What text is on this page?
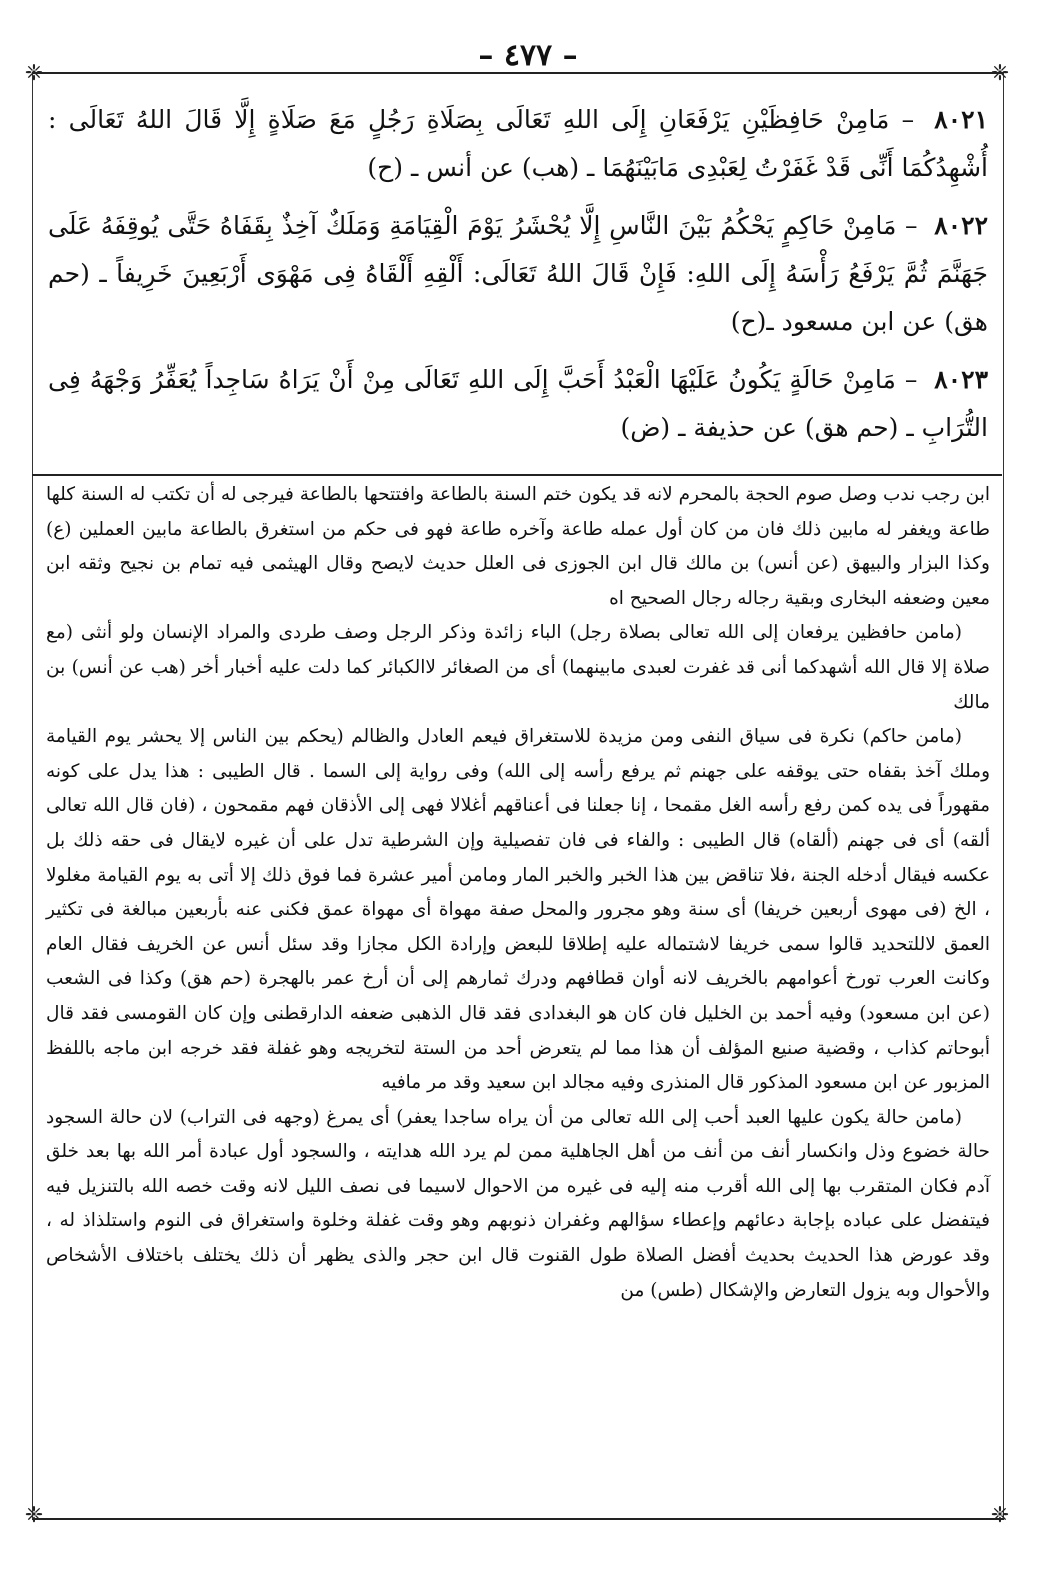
– ٤٧٧ –
❈	❈
❈	❈

٨٠٢١ – مَامِنْ حَافِظَيْنِ يَرْفَعَانِ إِلَى اللهِ تَعَالَى بِصَلَاةِ رَجُلٍ مَعَ صَلَاةٍ إِلَّا قَالَ اللهُ تَعَالَى : أُشْهِدُكُمَا أَنِّى قَدْ غَفَرْتُ لِعَبْدِى مَابَيْنَهُمَا ـ (هب) عن أنس ـ (ح)

٨٠٢٢ – مَامِنْ حَاكِمٍ يَحْكُمُ بَيْنَ النَّاسِ إِلَّا يُحْشَرُ يَوْمَ الْقِيَامَةِ وَمَلَكٌ آخِذٌ بِقَفَاهُ حَتَّى يُوقِفَهُ عَلَى جَهَنَّمَ ثُمَّ يَرْفَعُ رَأْسَهُ إِلَى اللهِ: فَإِنْ قَالَ اللهُ تَعَالَى: أَلْقِهِ أَلْقَاهُ فِى مَهْوَى أَرْبَعِينَ خَرِيفاً ـ (حم هق) عن ابن مسعود ـ(ح)

٨٠٢٣ – مَامِنْ حَالَةٍ يَكُونُ عَلَيْهَا الْعَبْدُ أَحَبَّ إِلَى اللهِ تَعَالَى مِنْ أَنْ يَرَاهُ سَاجِداً يُعَفِّرُ وَجْهَهُ فِى التُّرَابِ ـ (حم هق) عن حذيفة ـ (ض)

ابن رجب ندب وصل صوم الحجة بالمحرم لانه قد يكون ختم السنة بالطاعة وافتتحها بالطاعة فيرجى له أن تكتب له السنة كلها طاعة ويغفر له مابين ذلك فان من كان أول عمله طاعة وآخره طاعة فهو فى حكم من استغرق بالطاعة مابين العملين (ع) وكذا البزار والبيهق (عن أنس) بن مالك قال ابن الجوزى فى العلل حديث لايصح وقال الهيثمى فيه تمام بن نجيح وثقه ابن معين وضعفه البخارى وبقية رجاله رجال الصحيح اه

(مامن حافظين يرفعان إلى الله تعالى بصلاة رجل) الباء زائدة وذكر الرجل وصف طردى والمراد الإنسان ولو أنثى (مع صلاة إلا قال الله أشهدكما أنى قد غفرت لعبدى مابينهما) أى من الصغائر لاالكبائر كما دلت عليه أخبار أخر (هب عن أنس) بن مالك

(مامن حاكم) نكرة فى سياق النفى ومن مزيدة للاستغراق فيعم العادل والظالم (يحكم بين الناس إلا يحشر يوم القيامة وملك آخذ بقفاه حتى يوقفه على جهنم ثم يرفع رأسه إلى الله) وفى رواية إلى السما . قال الطيبى : هذا يدل على كونه مقهوراً فى يده كمن رفع رأسه الغل مقمحا ، إنا جعلنا فى أعناقهم أغلالا فهى إلى الأذقان فهم مقمحون ، (فان قال الله تعالى ألقه) أى فى جهنم (ألقاه) قال الطيبى : والفاء فى فان تفصيلية وإن الشرطية تدل على أن غيره لايقال فى حقه ذلك بل عكسه فيقال أدخله الجنة ،فلا تناقض بين هذا الخبر والخبر المار ومامن أمير عشرة فما فوق ذلك إلا أتى به يوم القيامة مغلولا ، الخ (فى مهوى أربعين خريفا) أى سنة وهو مجرور والمحل صفة مهواة أى مهواة عمق فكنى عنه بأربعين مبالغة فى تكثير العمق لاللتحديد قالوا سمى خريفا لاشتماله عليه إطلاقا للبعض وإرادة الكل مجازا وقد سئل أنس عن الخريف فقال العام وكانت العرب تورخ أعوامهم بالخريف لانه أوان قطافهم ودرك ثمارهم إلى أن أرخ عمر بالهجرة (حم هق) وكذا فى الشعب (عن ابن مسعود) وفيه أحمد بن الخليل فان كان هو البغدادى فقد قال الذهبى ضعفه الدارقطنى وإن كان القومسى فقد قال أبوحاتم كذاب ، وقضية صنيع المؤلف أن هذا مما لم يتعرض أحد من الستة لتخريجه وهو غفلة فقد خرجه ابن ماجه باللفظ المزبور عن ابن مسعود المذكور قال المنذرى وفيه مجالد ابن سعيد وقد مر مافيه

(مامن حالة يكون عليها العبد أحب إلى الله تعالى من أن يراه ساجدا يعفر) أى يمرغ (وجهه فى التراب) لان حالة السجود حالة خضوع وذل وانكسار أنف من أنف من أهل الجاهلية ممن لم يرد الله هدايته ، والسجود أول عبادة أمر الله بها بعد خلق آدم فكان المتقرب بها إلى الله أقرب منه إليه فى غيره من الاحوال لاسيما فى نصف الليل لانه وقت خصه الله بالتنزيل فيه فيتفضل على عباده بإجابة دعائهم وإعطاء سؤالهم وغفران ذنوبهم وهو وقت غفلة وخلوة واستغراق فى النوم واستلذاذ له ، وقد عورض هذا الحديث بحديث أفضل الصلاة طول القنوت قال ابن حجر والذى يظهر أن ذلك يختلف باختلاف الأشخاص والأحوال وبه يزول التعارض والإشكال (طس) من
